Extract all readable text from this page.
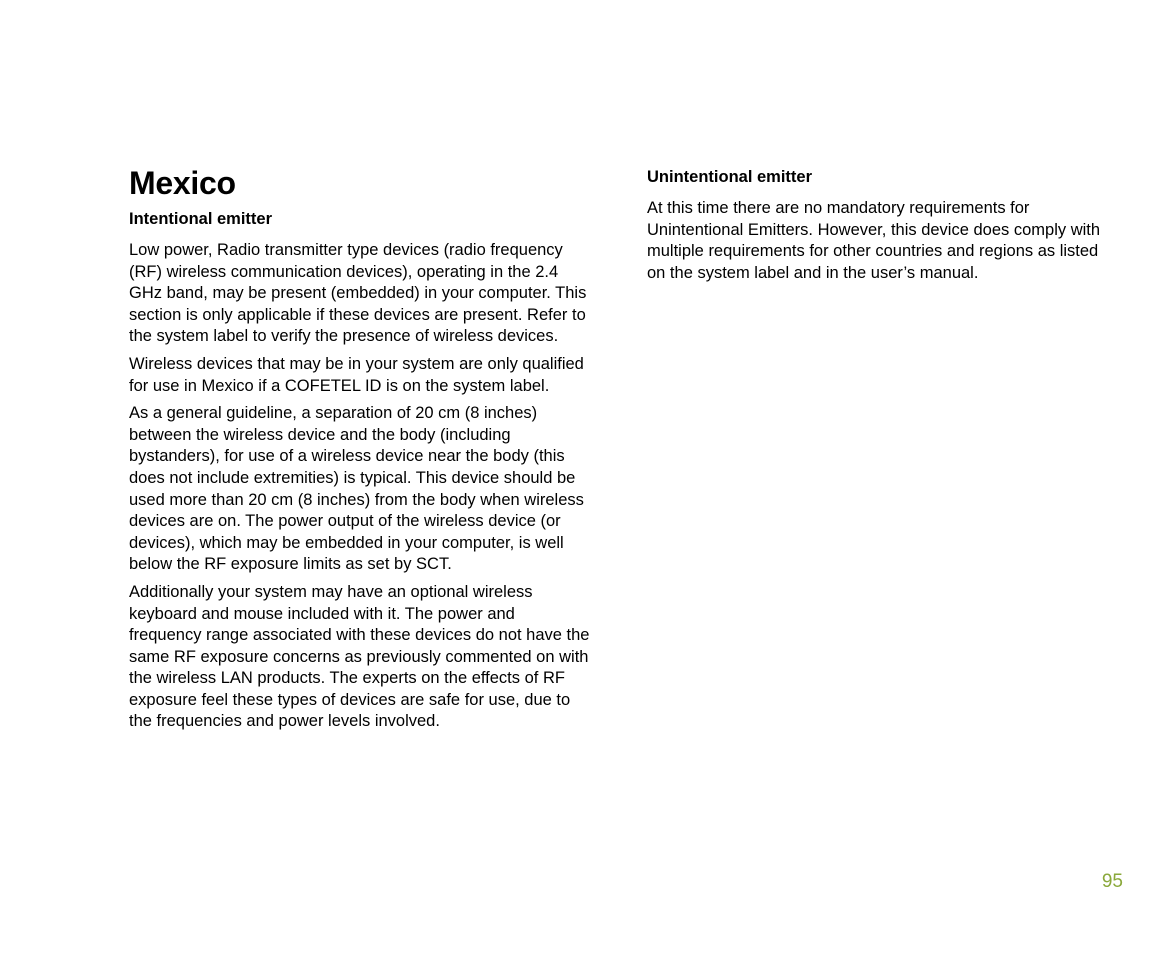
Mexico
Intentional emitter

Low power, Radio transmitter type devices (radio frequency (RF) wireless communication devices), operating in the 2.4 GHz band, may be present (embedded) in your computer. This section is only applicable if these devices are present. Refer to the system label to verify the presence of wireless devices.

Wireless devices that may be in your system are only qualified for use in Mexico if a COFETEL ID is on the system label.

As a general guideline, a separation of 20 cm (8 inches) between the wireless device and the body (including bystanders), for use of a wireless device near the body (this does not include extremities) is typical. This device should be used more than 20 cm (8 inches) from the body when wireless devices are on. The power output of the wireless device (or devices), which may be embedded in your computer, is well below the RF exposure limits as set by SCT.

Additionally your system may have an optional wireless keyboard and mouse included with it. The power and frequency range associated with these devices do not have the same RF exposure concerns as previously commented on with the wireless LAN products. The experts on the effects of RF exposure feel these types of devices are safe for use, due to the frequencies and power levels involved.

Unintentional emitter

At this time there are no mandatory requirements for Unintentional Emitters. However, this device does comply with multiple requirements for other countries and regions as listed on the system label and in the user’s manual.

95
